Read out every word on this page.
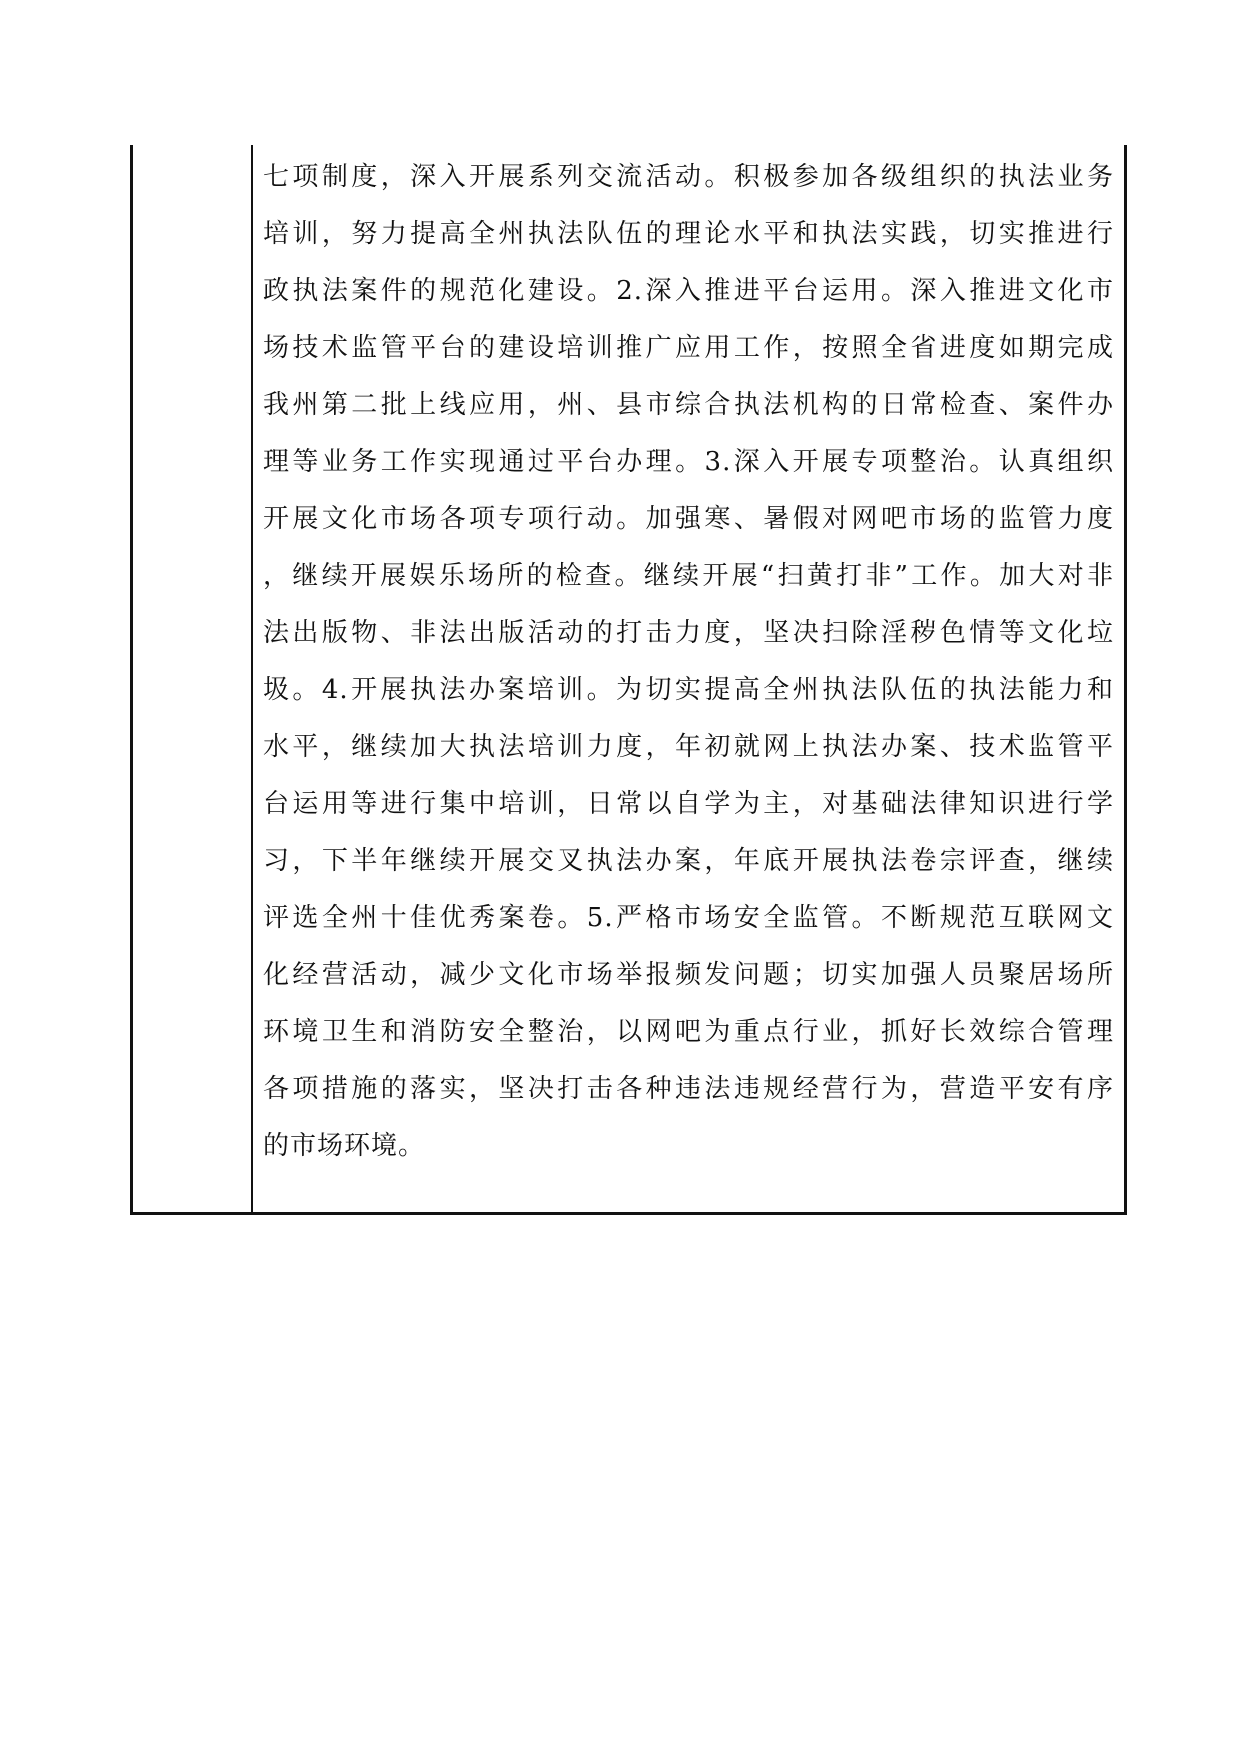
七项制度，深入开展系列交流活动。积极参加各级组织的执法业务
培训，努力提高全州执法队伍的理论水平和执法实践，切实推进行
政执法案件的规范化建设。2.深入推进平台运用。深入推进文化市
场技术监管平台的建设培训推广应用工作，按照全省进度如期完成
我州第二批上线应用，州、县市综合执法机构的日常检查、案件办
理等业务工作实现通过平台办理。3.深入开展专项整治。认真组织
开展文化市场各项专项行动。加强寒、暑假对网吧市场的监管力度
，继续开展娱乐场所的检查。继续开展“扫黄打非”工作。加大对非
法出版物、非法出版活动的打击力度，坚决扫除淫秽色情等文化垃
圾。4.开展执法办案培训。为切实提高全州执法队伍的执法能力和
水平，继续加大执法培训力度，年初就网上执法办案、技术监管平
台运用等进行集中培训，日常以自学为主，对基础法律知识进行学
习，下半年继续开展交叉执法办案，年底开展执法卷宗评查，继续
评选全州十佳优秀案卷。5.严格市场安全监管。不断规范互联网文
化经营活动，减少文化市场举报频发问题；切实加强人员聚居场所
环境卫生和消防安全整治，以网吧为重点行业，抓好长效综合管理
各项措施的落实，坚决打击各种违法违规经营行为，营造平安有序
的市场环境。
